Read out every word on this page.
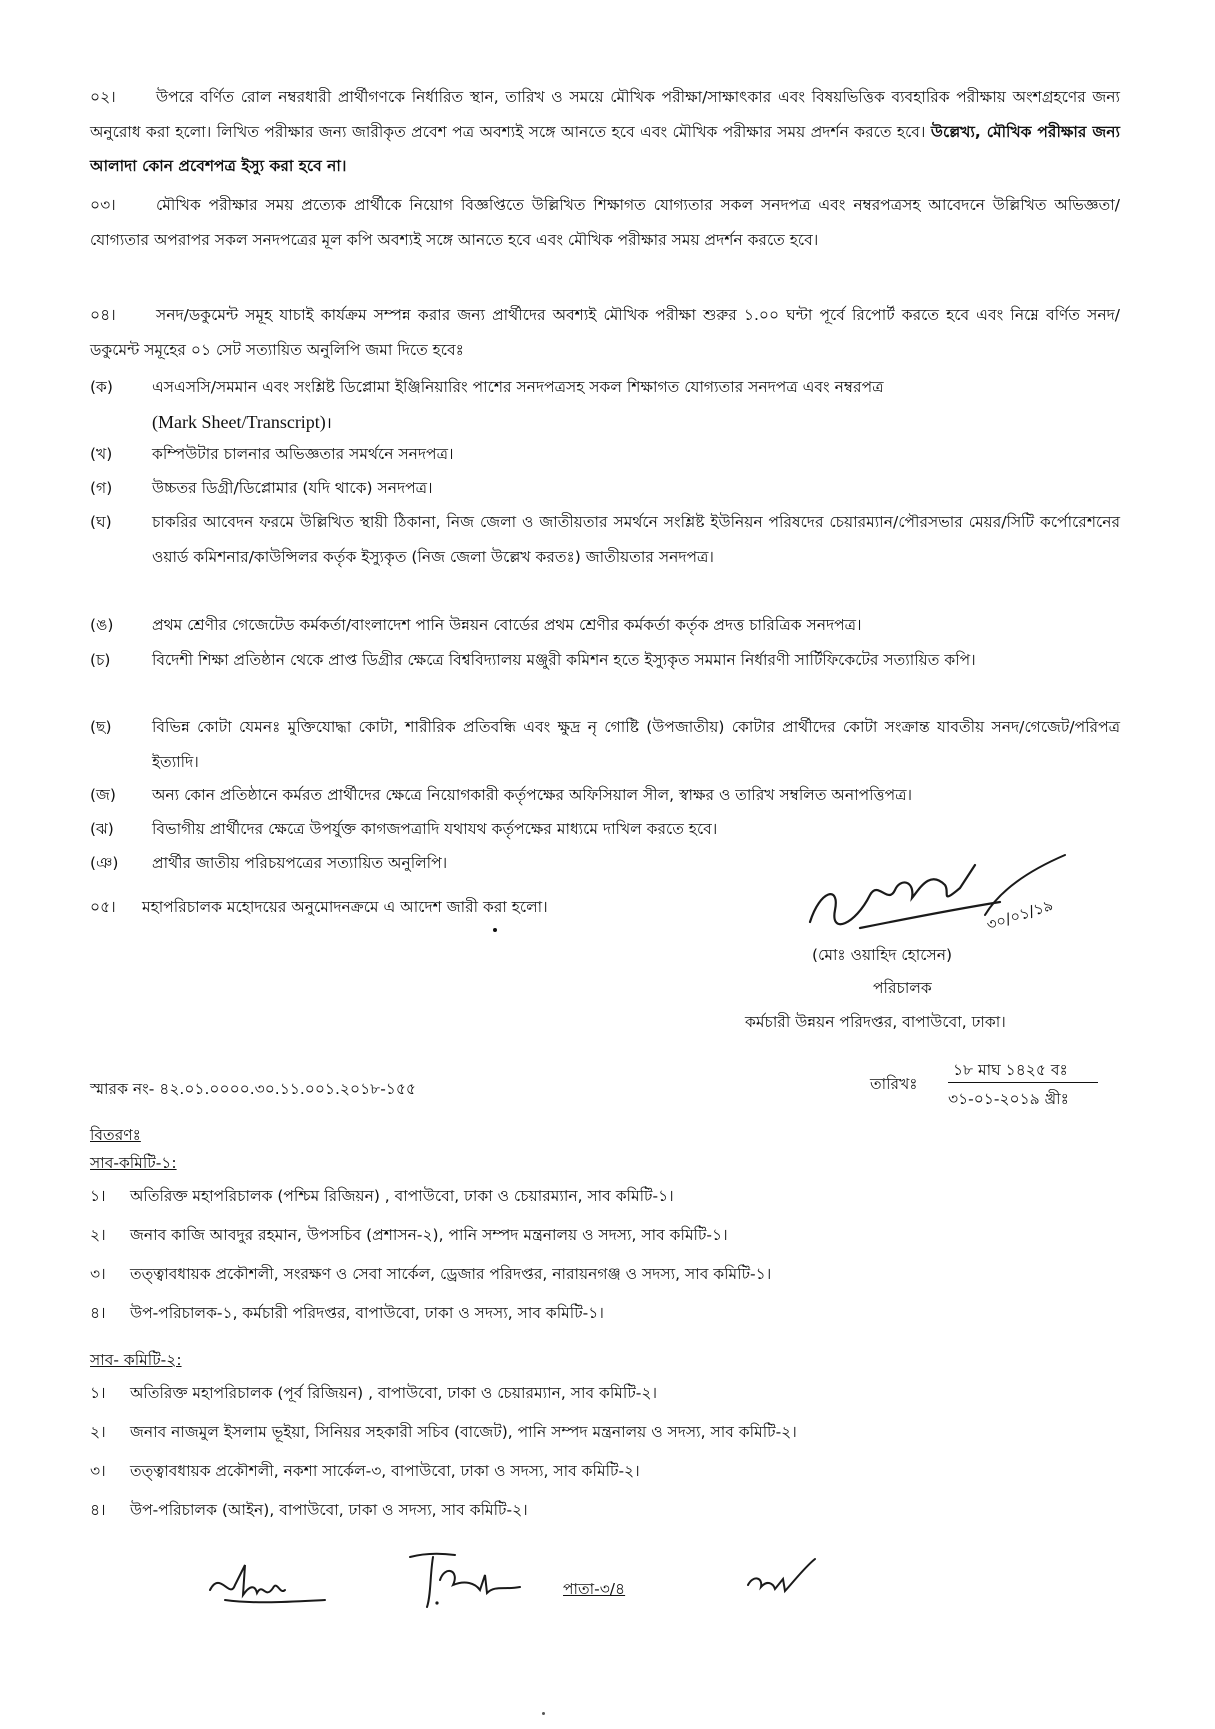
০২।	উপরে বর্ণিত রোল নম্বরধারী প্রার্থীগণকে নির্ধারিত স্থান, তারিখ ও সময়ে মৌখিক পরীক্ষা/সাক্ষাৎকার এবং বিষয়ভিত্তিক ব্যবহারিক পরীক্ষায় অংশগ্রহণের জন্য অনুরোধ করা হলো। লিখিত পরীক্ষার জন্য জারীকৃত প্রবেশ পত্র অবশ্যই সঙ্গে আনতে হবে এবং মৌখিক পরীক্ষার সময় প্রদর্শন করতে হবে। উল্লেখ্য, মৌখিক পরীক্ষার জন্য আলাদা কোন প্রবেশপত্র ইস্যু করা হবে না।

০৩।	মৌখিক পরীক্ষার সময় প্রত্যেক প্রার্থীকে নিয়োগ বিজ্ঞপ্তিতে উল্লিখিত শিক্ষাগত যোগ্যতার সকল সনদপত্র এবং নম্বরপত্রসহ আবেদনে উল্লিখিত অভিজ্ঞতা/যোগ্যতার অপরাপর সকল সনদপত্রের মূল কপি অবশ্যই সঙ্গে আনতে হবে এবং মৌখিক পরীক্ষার সময় প্রদর্শন করতে হবে।

০৪।	সনদ/ডকুমেন্ট সমূহ যাচাই কার্যক্রম সম্পন্ন করার জন্য প্রার্থীদের অবশ্যই মৌখিক পরীক্ষা শুরুর ১.০০ ঘন্টা পূর্বে রিপোর্ট করতে হবে এবং নিম্নে বর্ণিত সনদ/ডকুমেন্ট সমূহের ০১ সেট সত্যায়িত অনুলিপি জমা দিতে হবেঃ

(ক)	এসএসসি/সমমান এবং সংশ্লিষ্ট ডিপ্লোমা ইঞ্জিনিয়ারিং পাশের সনদপত্রসহ সকল শিক্ষাগত যোগ্যতার সনদপত্র এবং নম্বরপত্র
(Mark Sheet/Transcript)।
(খ)	কম্পিউটার চালনার অভিজ্ঞতার সমর্থনে সনদপত্র।
(গ)	উচ্চতর ডিগ্রী/ডিপ্লোমার (যদি থাকে) সনদপত্র।
(ঘ)	চাকরির আবেদন ফরমে উল্লিখিত স্থায়ী ঠিকানা, নিজ জেলা ও জাতীয়তার সমর্থনে সংশ্লিষ্ট ইউনিয়ন পরিষদের চেয়ারম্যান/পৌরসভার মেয়র/সিটি কর্পোরেশনের ওয়ার্ড কমিশনার/কাউন্সিলর কর্তৃক ইস্যুকৃত (নিজ জেলা উল্লেখ করতঃ) জাতীয়তার সনদপত্র।
(ঙ) প্রথম শ্রেণীর গেজেটেড কর্মকর্তা/বাংলাদেশ পানি উন্নয়ন বোর্ডের প্রথম শ্রেণীর কর্মকর্তা কর্তৃক প্রদত্ত চারিত্রিক সনদপত্র।
(চ)	বিদেশী শিক্ষা প্রতিষ্ঠান থেকে প্রাপ্ত ডিগ্রীর ক্ষেত্রে বিশ্ববিদ্যালয় মঞ্জুরী কমিশন হতে ইস্যুকৃত সমমান নির্ধারণী সার্টিফিকেটের সত্যায়িত কপি।
(ছ)	বিভিন্ন কোটা যেমনঃ মুক্তিযোদ্ধা কোটা, শারীরিক প্রতিবন্ধি এবং ক্ষুদ্র নৃ গোষ্টি (উপজাতীয়) কোটার প্রার্থীদের কোটা সংক্রান্ত যাবতীয় সনদ/গেজেট/পরিপত্র ইত্যাদি।
(জ) অন্য কোন প্রতিষ্ঠানে কর্মরত প্রার্থীদের ক্ষেত্রে নিয়োগকারী কর্তৃপক্ষের অফিসিয়াল সীল, স্বাক্ষর ও তারিখ সম্বলিত অনাপত্তিপত্র।
(ঝ) বিভাগীয় প্রার্থীদের ক্ষেত্রে উপর্যুক্ত কাগজপত্রাদি যথাযথ কর্তৃপক্ষের মাধ্যমে দাখিল করতে হবে।
(ঞ) প্রার্থীর জাতীয় পরিচয়পত্রের সত্যায়িত অনুলিপি।

০৫। মহাপরিচালক মহোদয়ের অনুমোদনক্রমে এ আদেশ জারী করা হলো।	৩০/০১/১৯
(মোঃ ওয়াহিদ হোসেন)
পরিচালক
কর্মচারী উন্নয়ন পরিদপ্তর, বাপাউবো, ঢাকা।
স্মারক নং- ৪২.০১.০০০০.৩০.১১.০০১.২০১৮-১৫৫	তারিখঃ
১৮ মাঘ ১৪২৫ বঃ
৩১-০১-২০১৯ খ্রীঃ
বিতরণঃ
সাব-কমিটি-১:
১।	অতিরিক্ত মহাপরিচালক (পশ্চিম রিজিয়ন) , বাপাউবো, ঢাকা ও চেয়ারম্যান, সাব কমিটি-১।
২।	জনাব কাজি আবদুর রহমান, উপসচিব (প্রশাসন-২), পানি সম্পদ মন্ত্রনালয় ও সদস্য, সাব কমিটি-১।
৩।	তত্ত্বাবধায়ক প্রকৌশলী, সংরক্ষণ ও সেবা সার্কেল, ড্রেজার পরিদপ্তর, নারায়নগঞ্জ ও সদস্য, সাব কমিটি-১।
৪।	উপ-পরিচালক-১, কর্মচারী পরিদপ্তর, বাপাউবো, ঢাকা ও সদস্য, সাব কমিটি-১।
সাব- কমিটি-২:
১।	অতিরিক্ত মহাপরিচালক (পূর্ব রিজিয়ন) , বাপাউবো, ঢাকা ও চেয়ারম্যান, সাব কমিটি-২।
২।	জনাব নাজমুল ইসলাম ভূইয়া, সিনিয়র সহকারী সচিব (বাজেট), পানি সম্পদ মন্ত্রনালয় ও সদস্য, সাব কমিটি-২।
৩।	তত্ত্বাবধায়ক প্রকৌশলী, নকশা সার্কেল-৩, বাপাউবো, ঢাকা ও সদস্য, সাব কমিটি-২।
৪।	উপ-পরিচালক (আইন), বাপাউবো, ঢাকা ও সদস্য, সাব কমিটি-২।
পাতা-৩/৪
